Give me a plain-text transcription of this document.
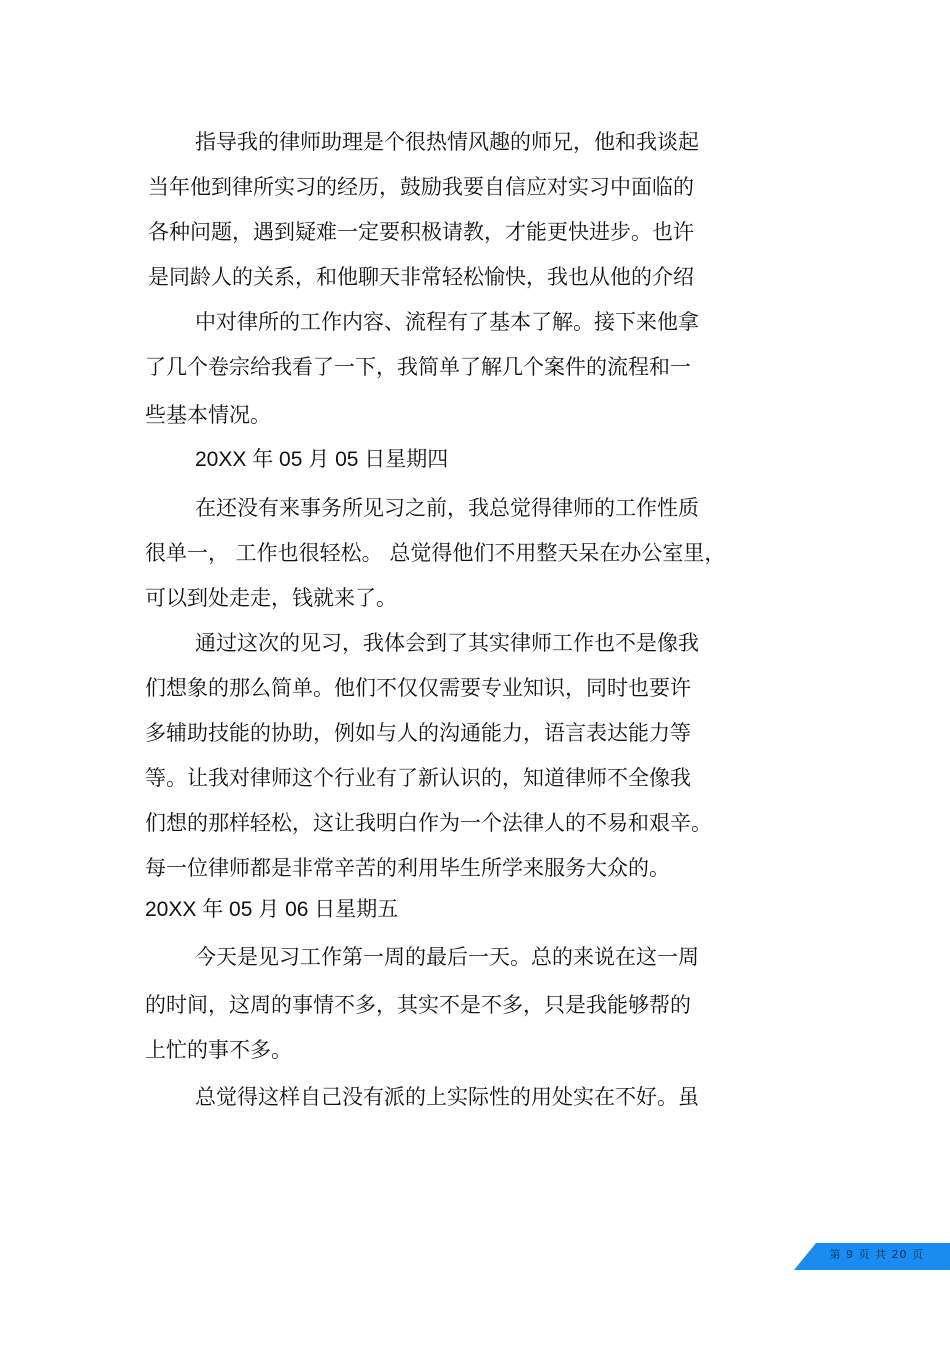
指导我的律师助理是个很热情风趣的师兄，他和我谈起
当年他到律所实习的经历，鼓励我要自信应对实习中面临的
各种问题，遇到疑难一定要积极请教，才能更快进步。也许
是同龄人的关系，和他聊天非常轻松愉快，我也从他的介绍
中对律所的工作内容、流程有了基本了解。接下来他拿
了几个卷宗给我看了一下，我简单了解几个案件的流程和一
些基本情况。
20XX 年 05 月 05 日星期四
在还没有来事务所见习之前，我总觉得律师的工作性质
很单一， 工作也很轻松。 总觉得他们不用整天呆在办公室里，
可以到处走走，钱就来了。
通过这次的见习，我体会到了其实律师工作也不是像我
们想象的那么简单。他们不仅仅需要专业知识，同时也要许
多辅助技能的协助，例如与人的沟通能力，语言表达能力等
等。让我对律师这个行业有了新认识的，知道律师不全像我
们想的那样轻松，这让我明白作为一个法律人的不易和艰辛。
每一位律师都是非常辛苦的利用毕生所学来服务大众的。
20XX 年 05 月 06 日星期五
今天是见习工作第一周的最后一天。总的来说在这一周
的时间，这周的事情不多，其实不是不多，只是我能够帮的
上忙的事不多。
总觉得这样自己没有派的上实际性的用处实在不好。虽
第 9 页 共 20 页
